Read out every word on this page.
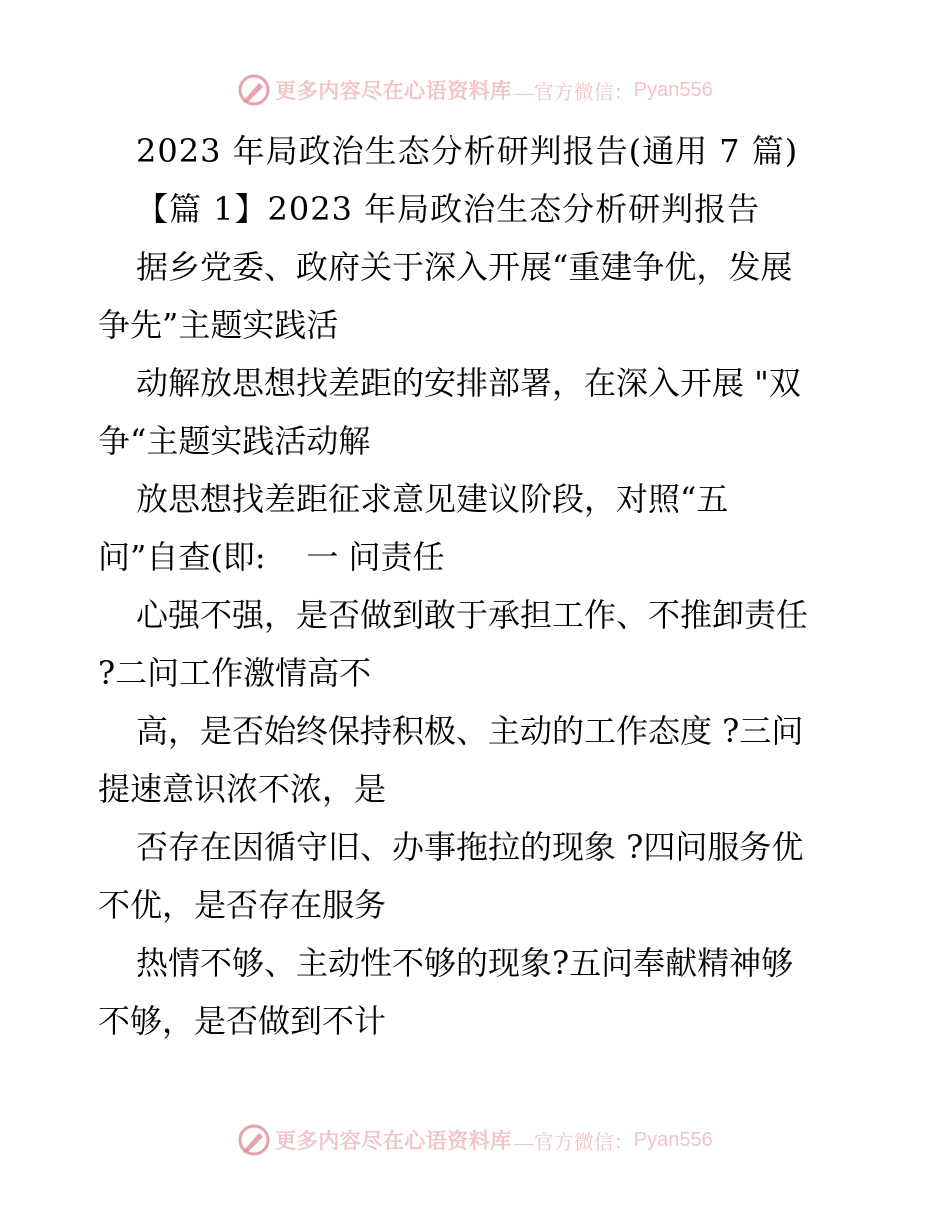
更多内容尽在心语资料库 —官方微信： Pyan556
2023 年局政治生态分析研判报告(通用 7 篇)
【篇 1】2023 年局政治生态分析研判报告
据乡党委、政府关于深入开展“重建争优，发展
争先”主题实践活
动解放思想找差距的安排部署，在深入开展 "双
争“主题实践活动解
放思想找差距征求意见建议阶段，对照“五
问”自查(即:    一 问责任
心强不强，是否做到敢于承担工作、不推卸责任
?二问工作激情高不
高，是否始终保持积极、主动的工作态度 ?三问
提速意识浓不浓，是
否存在因循守旧、办事拖拉的现象 ?四问服务优
不优，是否存在服务
热情不够、主动性不够的现象?五问奉献精神够
不够，是否做到不计
更多内容尽在心语资料库 —官方微信： Pyan556
